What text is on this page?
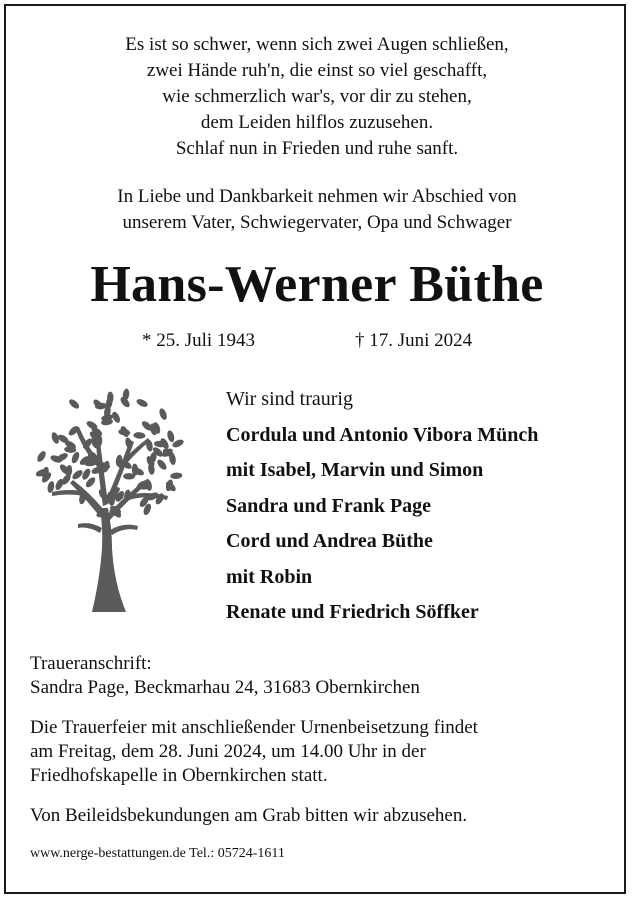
Es ist so schwer, wenn sich zwei Augen schließen,
zwei Hände ruh'n, die einst so viel geschafft,
wie schmerzlich war's, vor dir zu stehen,
dem Leiden hilflos zuzusehen.
Schlaf nun in Frieden und ruhe sanft.
In Liebe und Dankbarkeit nehmen wir Abschied von
unserem Vater, Schwiegervater, Opa und Schwager
Hans-Werner Büthe
* 25. Juli 1943	† 17. Juni 2024
Wir sind traurig
Cordula und Antonio Vibora Münch
mit Isabel, Marvin und Simon
Sandra und Frank Page
Cord und Andrea Büthe
mit Robin
Renate und Friedrich Söffker
Traueranschrift:
Sandra Page, Beckmarhau 24, 31683 Obernkirchen
Die Trauerfeier mit anschließender Urnenbeisetzung findet
am Freitag, dem 28. Juni 2024, um 14.00 Uhr in der
Friedhofskapelle in Obernkirchen statt.
Von Beileidsbekundungen am Grab bitten wir abzusehen.
www.nerge-bestattungen.de Tel.: 05724-1611
